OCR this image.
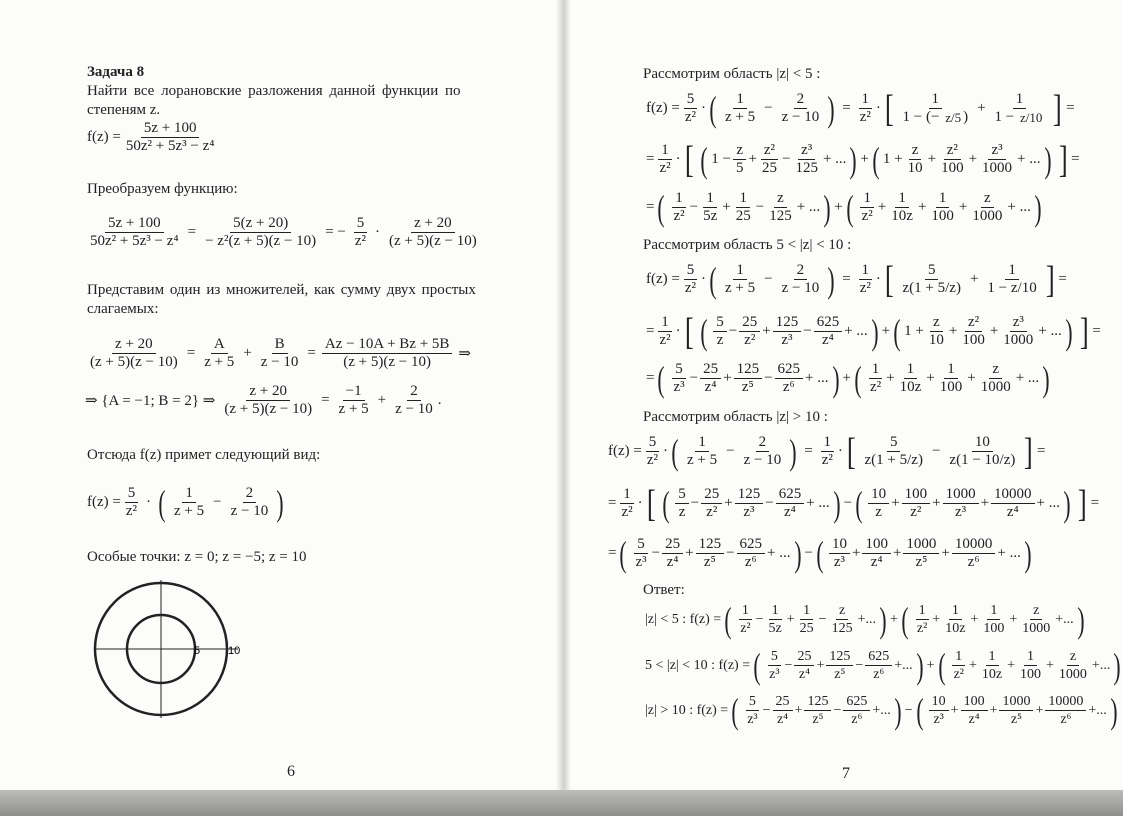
Задача 8
Найти все лорановские разложения данной функции по
степеням z.
$f(z) = \frac{5z + 100}{\text{50z² + 5z³ − z⁴}}$
Преобразуем функцию:
$\frac{5z + 100}{\text{50z² + 5z³ − z⁴}} = \frac{5(z + 20)}{\text{− z²(z + 5)(z − 10)}}$ = − $\frac{5}{\text{z²}} \cdot \frac{z + 20}{(z + 5)(z - 10)}$
Представим один из множителей, как сумму двух простых
слагаемых:
$\frac{z + 20}{(z + 5)(z - 10)} = \frac{A}{z + 5} + \frac{B}{z - 10} = \frac{Az - 10A + Bz + 5B}{(z + 5)(z - 10)}$ ⇒
⇒ {A = −1; B = 2} ⇒ $\frac{z + 20}{(z + 5)(z - 10)} = \frac{-1}{z + 5} + \frac{2}{z - 10}$ .
Отсюда f(z) примет следующий вид:
$f(z) = \frac{5}{\text{z²}}$ · ( $\frac{1}{z + 5} - \frac{2}{z - 10}$ )
Особые точки: z = 0; z = −5; z = 10
5	10
6
Рассмотрим область |z| < 5 :
$f(z) = \frac{5}{\text{z²}}$ · ( $\frac{1}{z + 5} - \frac{2}{z - 10}$ ) = $\frac{1}{\text{z²}}$ · [ $\frac{1}{1 - (- z/5 )} + \frac{1}{1 - z/10}$ ] =
= $\frac{1}{\text{z²}}$ · [ ( $1 - \frac{z}{5} + \frac{\text{z²}}{25} - \frac{\text{z³}}{125}$ + ... ) + ( $1 + \frac{z}{10} + \frac{\text{z²}}{100} + \frac{\text{z³}}{1000}$ + ... ) ] =
= ( $\frac{1}{\text{z²}} - \frac{1}{5z} + \frac{1}{25} - \frac{z}{125}$ + ... ) + ( $\frac{1}{\text{z²}} + \frac{1}{10z} + \frac{1}{100} + \frac{z}{1000}$ + ... )
Рассмотрим область 5 < |z| < 10 :
$f(z) = \frac{5}{\text{z²}}$ · ( $\frac{1}{z + 5} - \frac{2}{z - 10}$ ) = $\frac{1}{\text{z²}}$ · [ $\frac{5}{z(1 + 5/z)} + \frac{1}{1 - z/10}$ ] =
= $\frac{1}{\text{z²}}$ · [ ( $\frac{5}{z} - \frac{25}{\text{z²}} + \frac{125}{\text{z³}} - \frac{625}{\text{z⁴}}$ + ... ) + ( $1 + \frac{z}{10} + \frac{\text{z²}}{100} + \frac{\text{z³}}{1000}$ + ... ) ] =
= ( $\frac{5}{\text{z³}} - \frac{25}{\text{z⁴}} + \frac{125}{\text{z⁵}} - \frac{625}{\text{z⁶}}$ + ... ) + ( $\frac{1}{\text{z²}} + \frac{1}{10z} + \frac{1}{100} + \frac{z}{1000}$ + ... )
Рассмотрим область |z| > 10 :
$f(z) = \frac{5}{\text{z²}}$ · ( $\frac{1}{z + 5} - \frac{2}{z - 10}$ ) = $\frac{1}{\text{z²}}$ · [ $\frac{5}{z(1 + 5/z)} - \frac{10}{z(1 - 10/z)}$ ] =
= $\frac{1}{\text{z²}}$ · [ ( $\frac{5}{z} - \frac{25}{\text{z²}} + \frac{125}{\text{z³}} - \frac{625}{\text{z⁴}}$ + ... ) − ( $\frac{10}{z} + \frac{100}{\text{z²}} + \frac{1000}{\text{z³}} + \frac{10000}{\text{z⁴}}$ + ... ) ] =
= ( $\frac{5}{\text{z³}} - \frac{25}{\text{z⁴}} + \frac{125}{\text{z⁵}} - \frac{625}{\text{z⁶}}$ + ... ) − ( $\frac{10}{\text{z³}} + \frac{100}{\text{z⁴}} + \frac{1000}{\text{z⁵}} + \frac{10000}{\text{z⁶}}$ + ... )
Ответ:
|z| < 5 : f(z) = ( $\frac{1}{\text{z²}} - \frac{1}{5z} + \frac{1}{25} - \frac{z}{125}$ +... ) + ( $\frac{1}{\text{z²}} + \frac{1}{10z} + \frac{1}{100} + \frac{z}{1000}$ +... )
5 < |z| < 10 : f(z) = ( $\frac{5}{\text{z³}} - \frac{25}{\text{z⁴}} + \frac{125}{\text{z⁵}} - \frac{625}{\text{z⁶}}$ +... ) + ( $\frac{1}{\text{z²}} + \frac{1}{10z} + \frac{1}{100} + \frac{z}{1000}$ +... )
|z| > 10 : f(z) = ( $\frac{5}{\text{z³}} - \frac{25}{\text{z⁴}} + \frac{125}{\text{z⁵}} - \frac{625}{\text{z⁶}}$ +... ) − ( $\frac{10}{\text{z³}} + \frac{100}{\text{z⁴}} + \frac{1000}{\text{z⁵}} + \frac{10000}{\text{z⁶}}$ +... )
7
